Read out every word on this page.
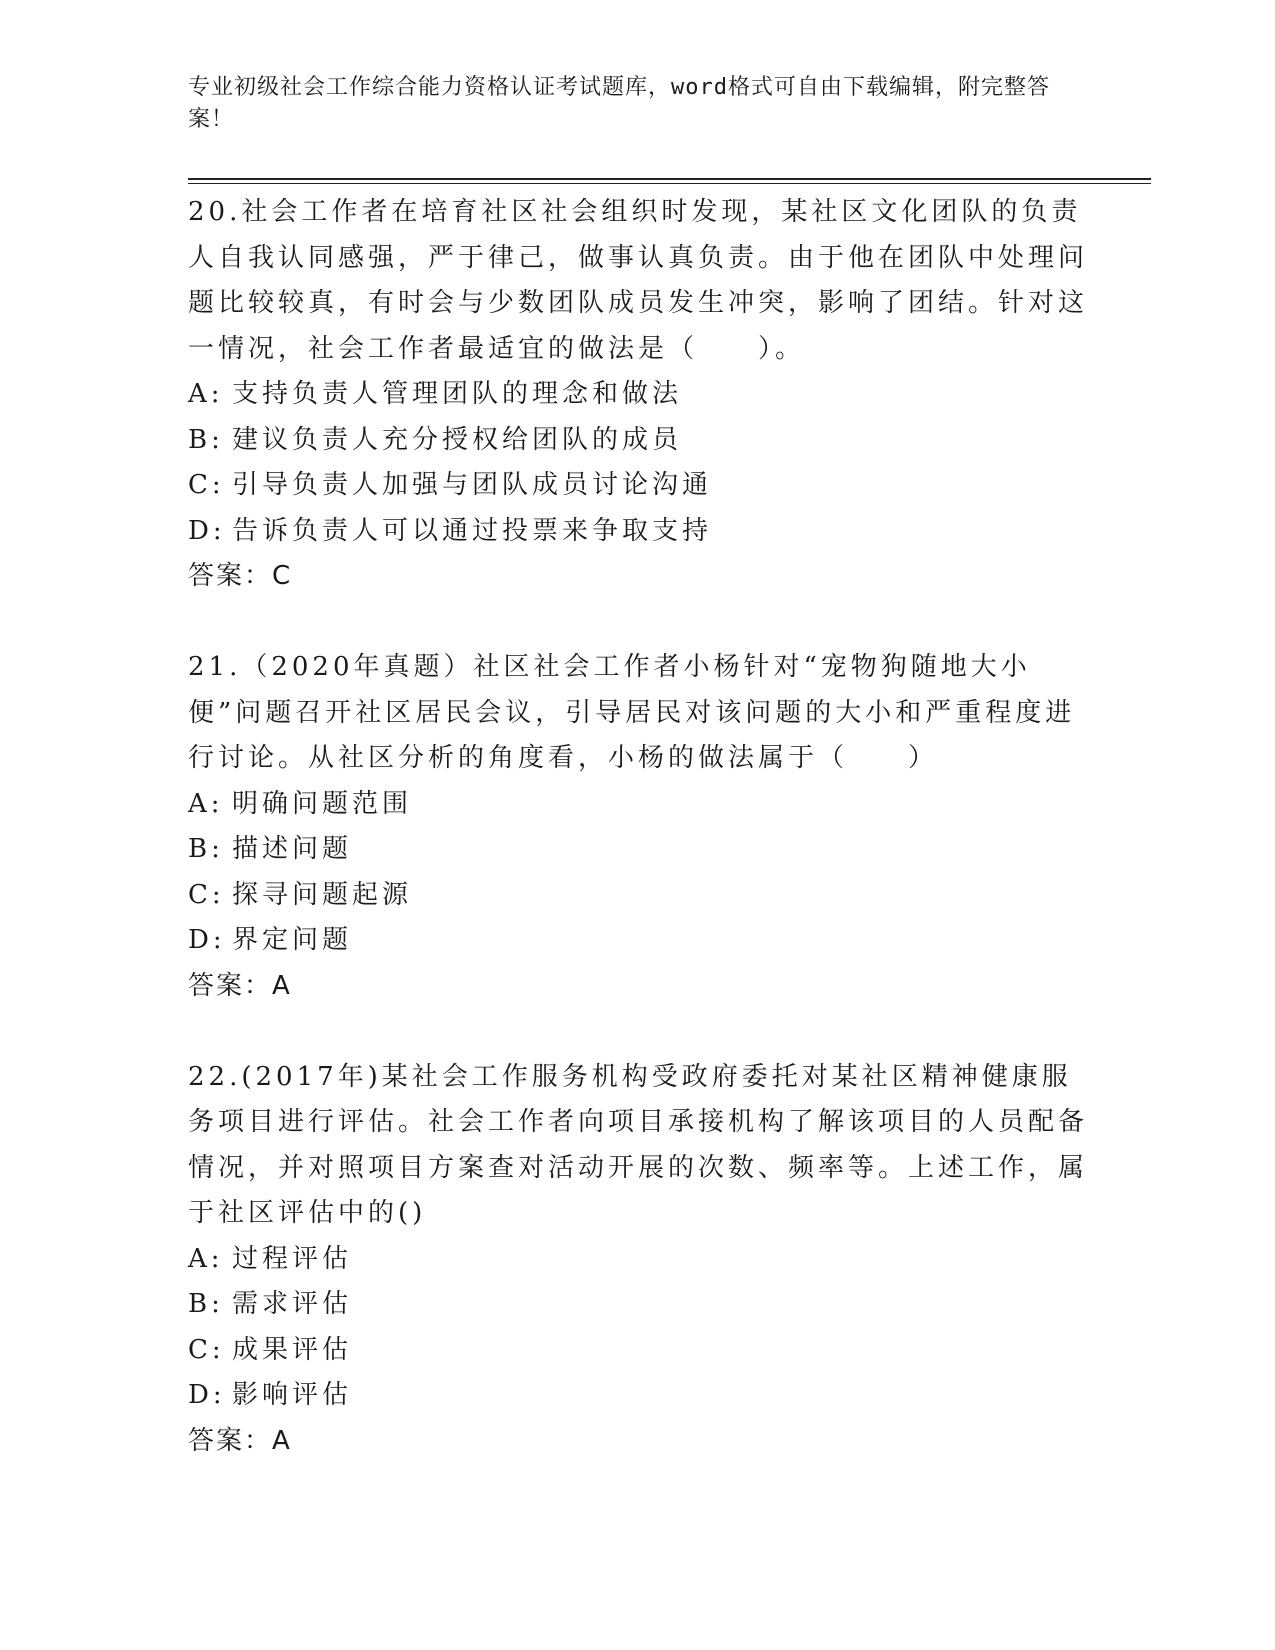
专业初级社会工作综合能力资格认证考试题库，word格式可自由下载编辑，附完整答案！

20.社会工作者在培育社区社会组织时发现，某社区文化团队的负责人自我认同感强，严于律己，做事认真负责。由于他在团队中处理问题比较较真，有时会与少数团队成员发生冲突，影响了团结。针对这一情况，社会工作者最适宜的做法是（　　）。

A: 支持负责人管理团队的理念和做法
B: 建议负责人充分授权给团队的成员
C: 引导负责人加强与团队成员讨论沟通
D: 告诉负责人可以通过投票来争取支持
答案：C

21.（2020年真题）社区社会工作者小杨针对“宠物狗随地大小便”问题召开社区居民会议，引导居民对该问题的大小和严重程度进行讨论。从社区分析的角度看，小杨的做法属于（　　）

A: 明确问题范围
B: 描述问题
C: 探寻问题起源
D: 界定问题
答案：A

22.(2017年)某社会工作服务机构受政府委托对某社区精神健康服务项目进行评估。社会工作者向项目承接机构了解该项目的人员配备情况，并对照项目方案查对活动开展的次数、频率等。上述工作，属于社区评估中的()

A: 过程评估
B: 需求评估
C: 成果评估
D: 影响评估
答案：A
